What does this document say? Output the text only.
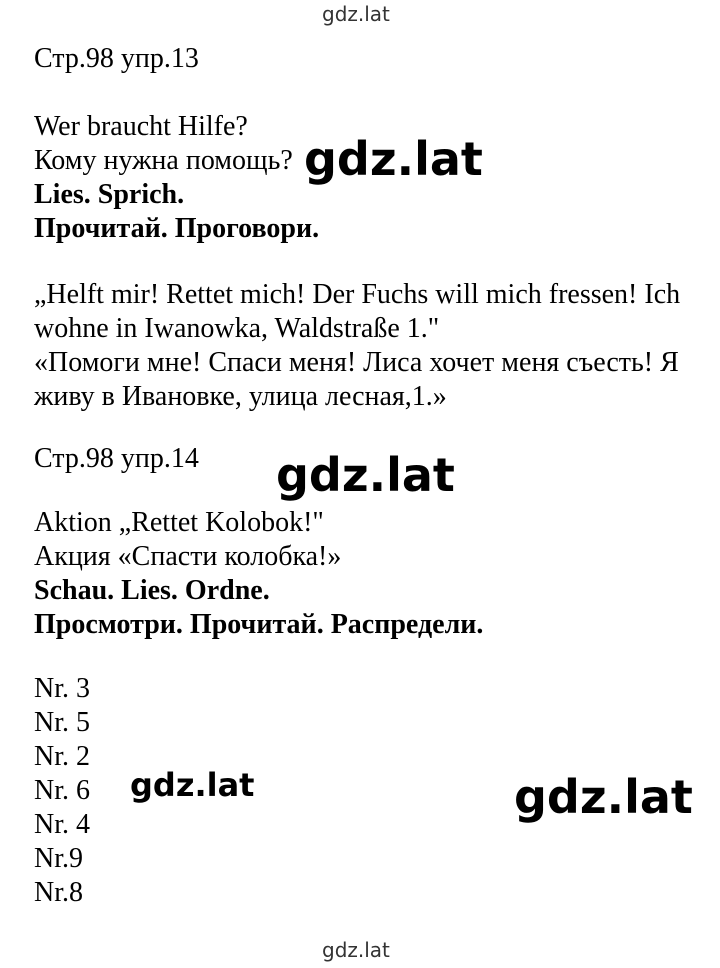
gdz.lat
Стр.98 упр.13
Wer braucht Hilfe?
Кому нужна помощь? gdz.lat
Lies. Sprich.
Прочитай. Проговори.
„Helft mir! Rettet mich! Der Fuchs will mich fressen! Ich
wohne in Iwanowka, Waldstraße 1."
«Помоги мне! Спаси меня! Лиса хочет меня съесть! Я
живу в Ивановке, улица лесная,1.»
Стр.98 упр.14 gdz.lat
Aktion „Rettet Kolobok!"
Акция «Спасти колобка!»
Schau. Lies. Ordne.
Просмотри. Прочитай. Распредели.
Nr. 3
Nr. 5
Nr. 2
Nr. 6
Nr. 4
Nr.9
Nr.8
gdz.lat	gdz.lat
gdz.lat
